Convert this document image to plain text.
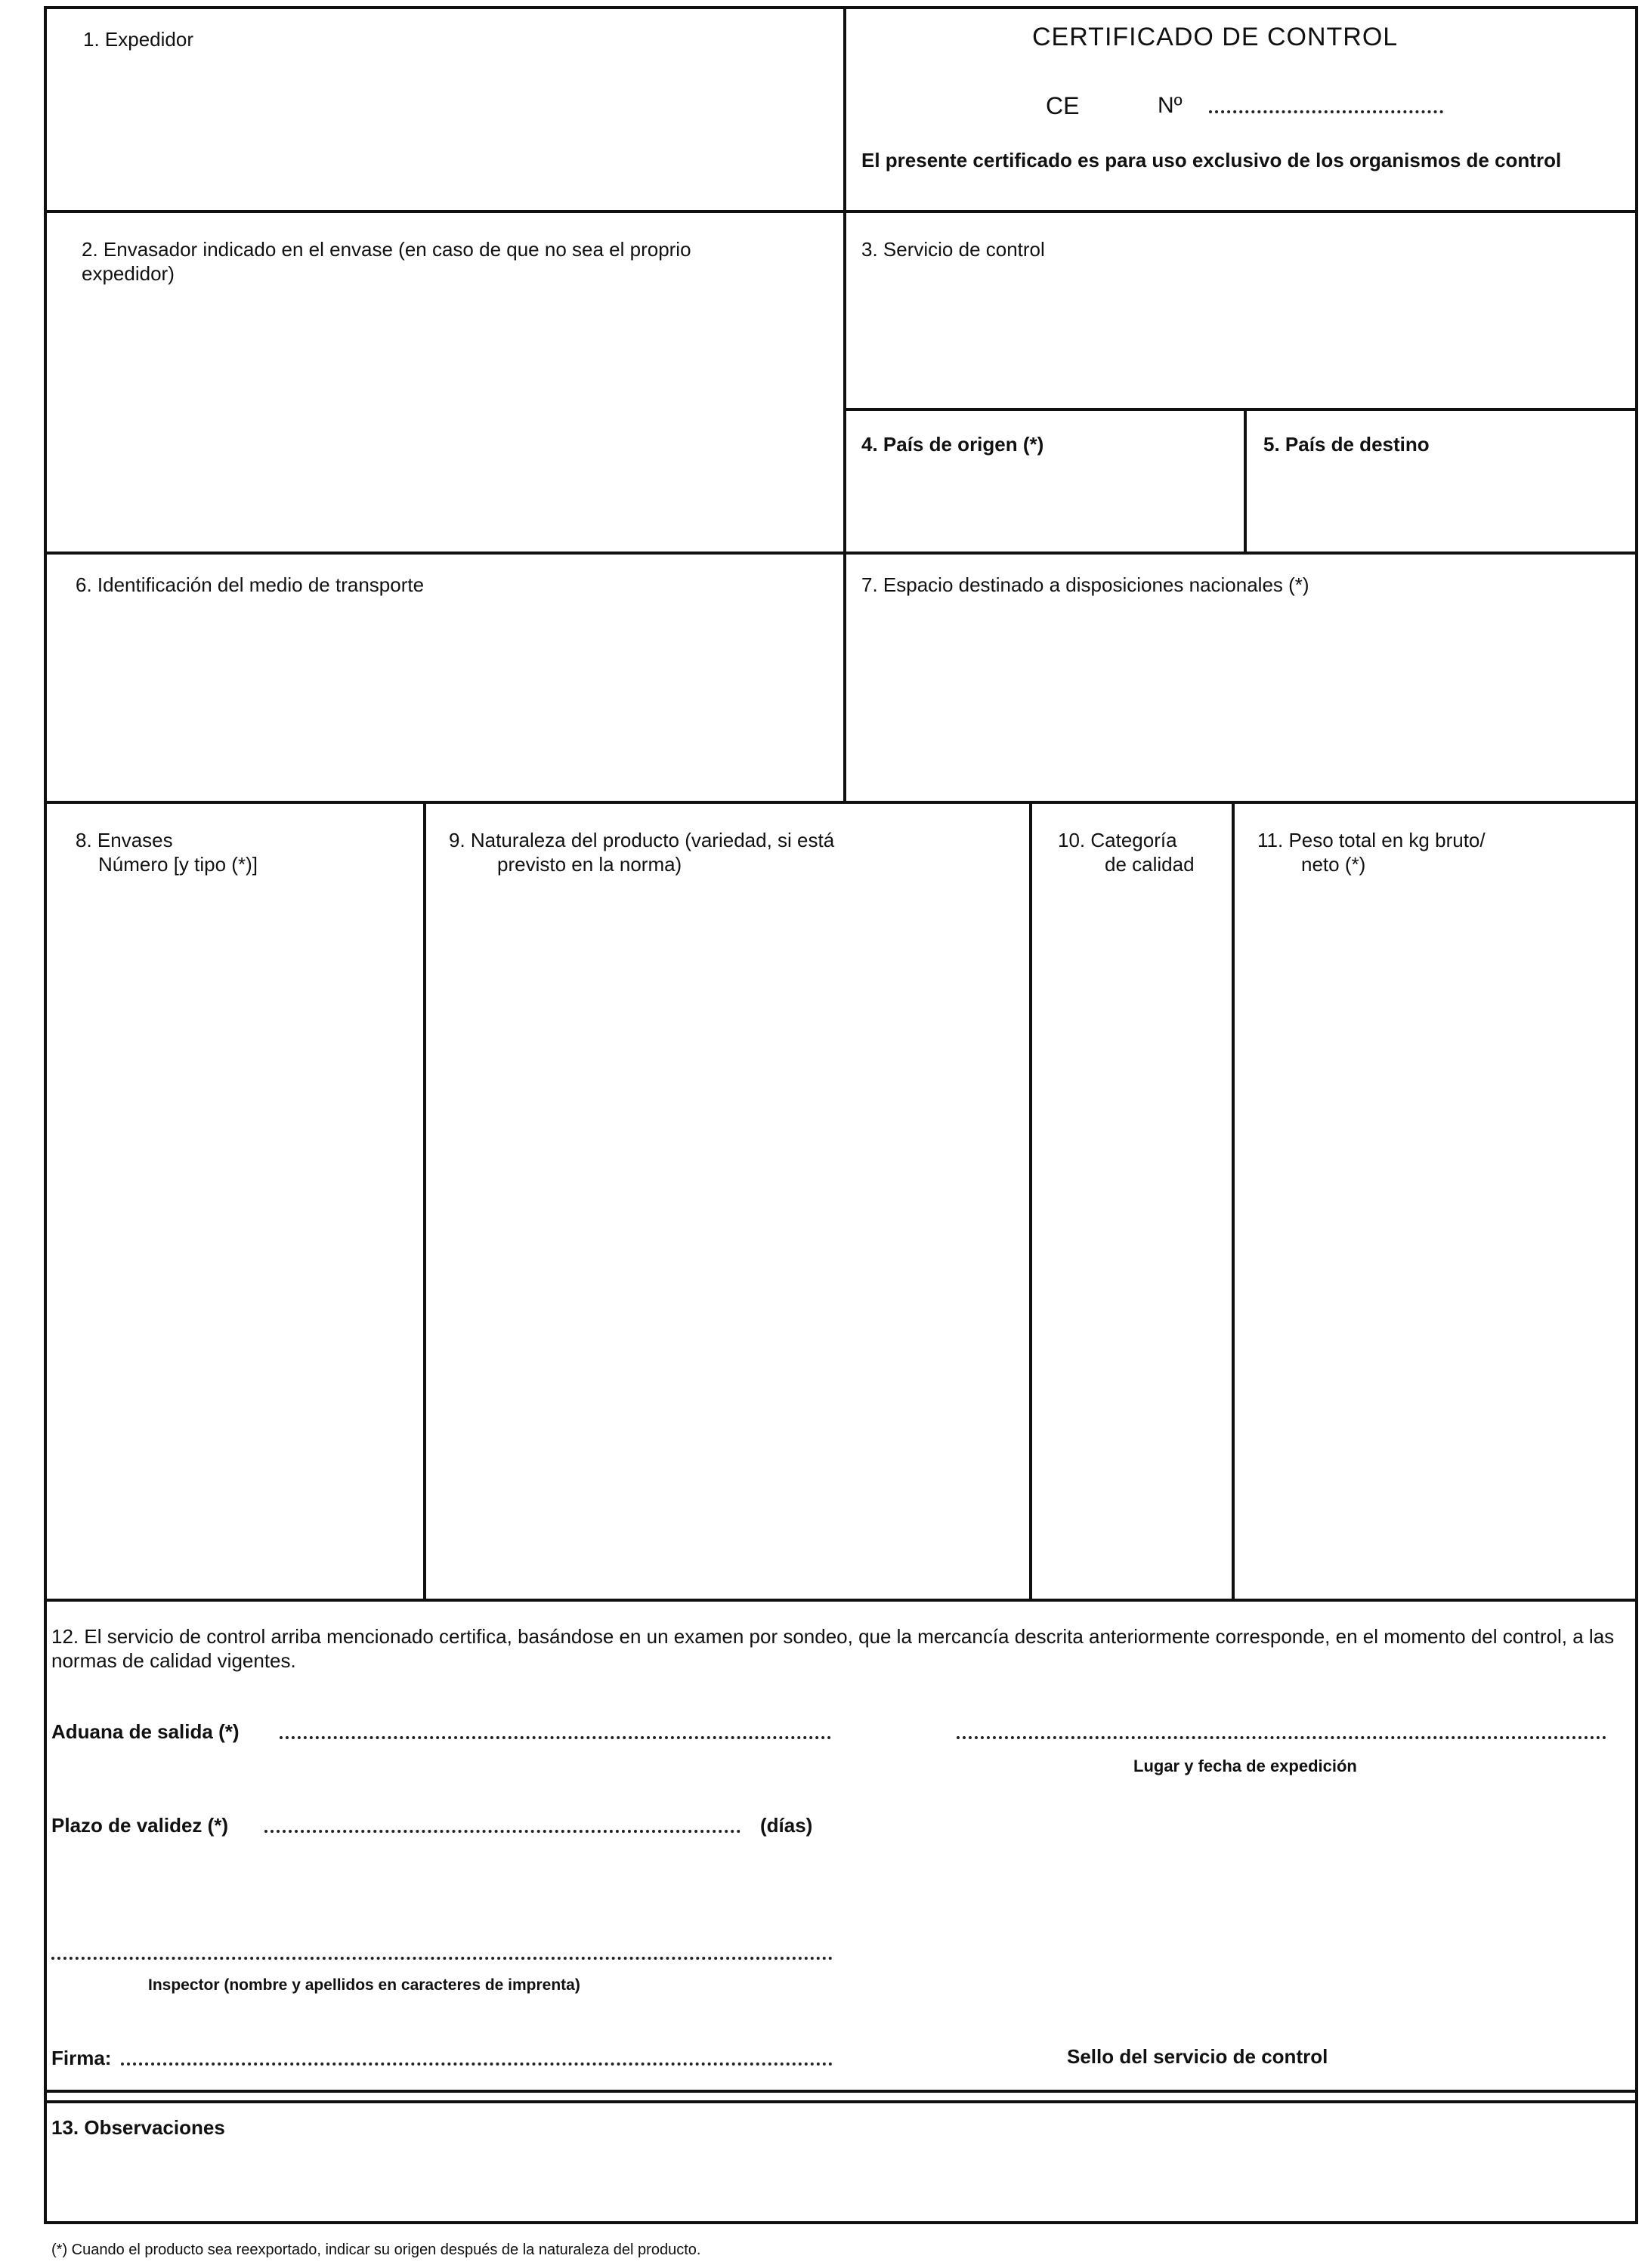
1. Expedidor	CERTIFICADO DE CONTROL
CE	Nº
El presente certificado es para uso exclusivo de los organismos de control
2. Envasador indicado en el envase (en caso de que no sea el proprio expedidor)
3. Servicio de control
4. País de origen (*)	5. País de destino
6. Identificación del medio de transporte	7. Espacio destinado a disposiciones nacionales (*)
8. Envases
Número [y tipo (*)]
9. Naturaleza del producto (variedad, si está
previsto en la norma)
10. Categoría
de calidad
11. Peso total en kg bruto/
neto (*)
12. El servicio de control arriba mencionado certifica, basándose en un examen por sondeo, que la mercancía descrita anteriormente corresponde, en el momento del control, a las normas de calidad vigentes.
Aduana de salida (*)
Lugar y fecha de expedición
Plazo de validez (*)	(días)
Inspector (nombre y apellidos en caracteres de imprenta)
Firma:	Sello del servicio de control
13. Observaciones
(*) Cuando el producto sea reexportado, indicar su origen después de la naturaleza del producto.
